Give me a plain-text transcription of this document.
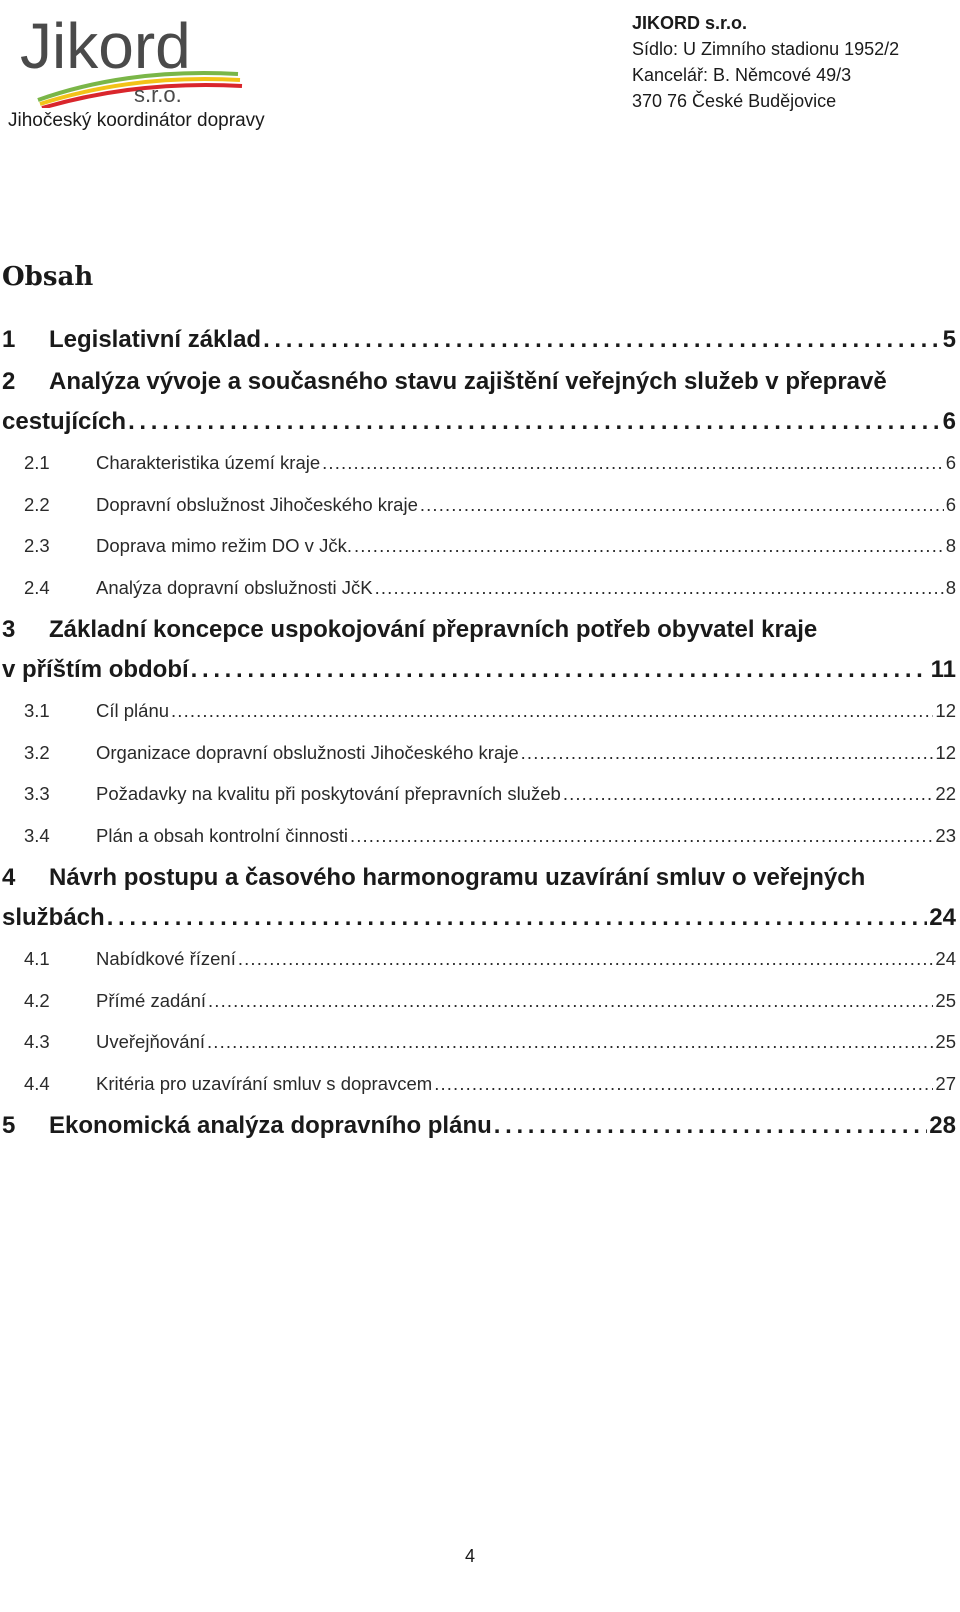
Jikord
s.r.o.
Jihočeský koordinátor dopravy
JIKORD s.r.o.
Sídlo: U Zimního stadionu 1952/2
Kancelář: B. Němcové 49/3
370 76 České Budějovice
Obsah
1	Legislativní základ . . .	5
2	Analýza vývoje a současného stavu zajištění veřejných služeb v přepravě
cestujících . . .	6
2.1	Charakteristika území kraje . . .	6
2.2	Dopravní obslužnost Jihočeského kraje . . .	6
2.3	Doprava mimo režim DO v Jčk. . . .	8
2.4	Analýza dopravní obslužnosti JčK . . .	8
3	Základní koncepce uspokojování přepravních potřeb obyvatel kraje
v příštím období . . .	11
3.1	Cíl plánu . . .	12
3.2	Organizace dopravní obslužnosti Jihočeského kraje . . .	12
3.3	Požadavky na kvalitu při poskytování přepravních služeb . . .	22
3.4	Plán a obsah kontrolní činnosti . . .	23
4	Návrh postupu a časového harmonogramu uzavírání smluv o veřejných
službách . . .	24
4.1	Nabídkové řízení . . .	24
4.2	Přímé zadání . . .	25
4.3	Uveřejňování . . .	25
4.4	Kritéria pro uzavírání smluv s dopravcem . . .	27
5	Ekonomická analýza dopravního plánu . . .	28
4
